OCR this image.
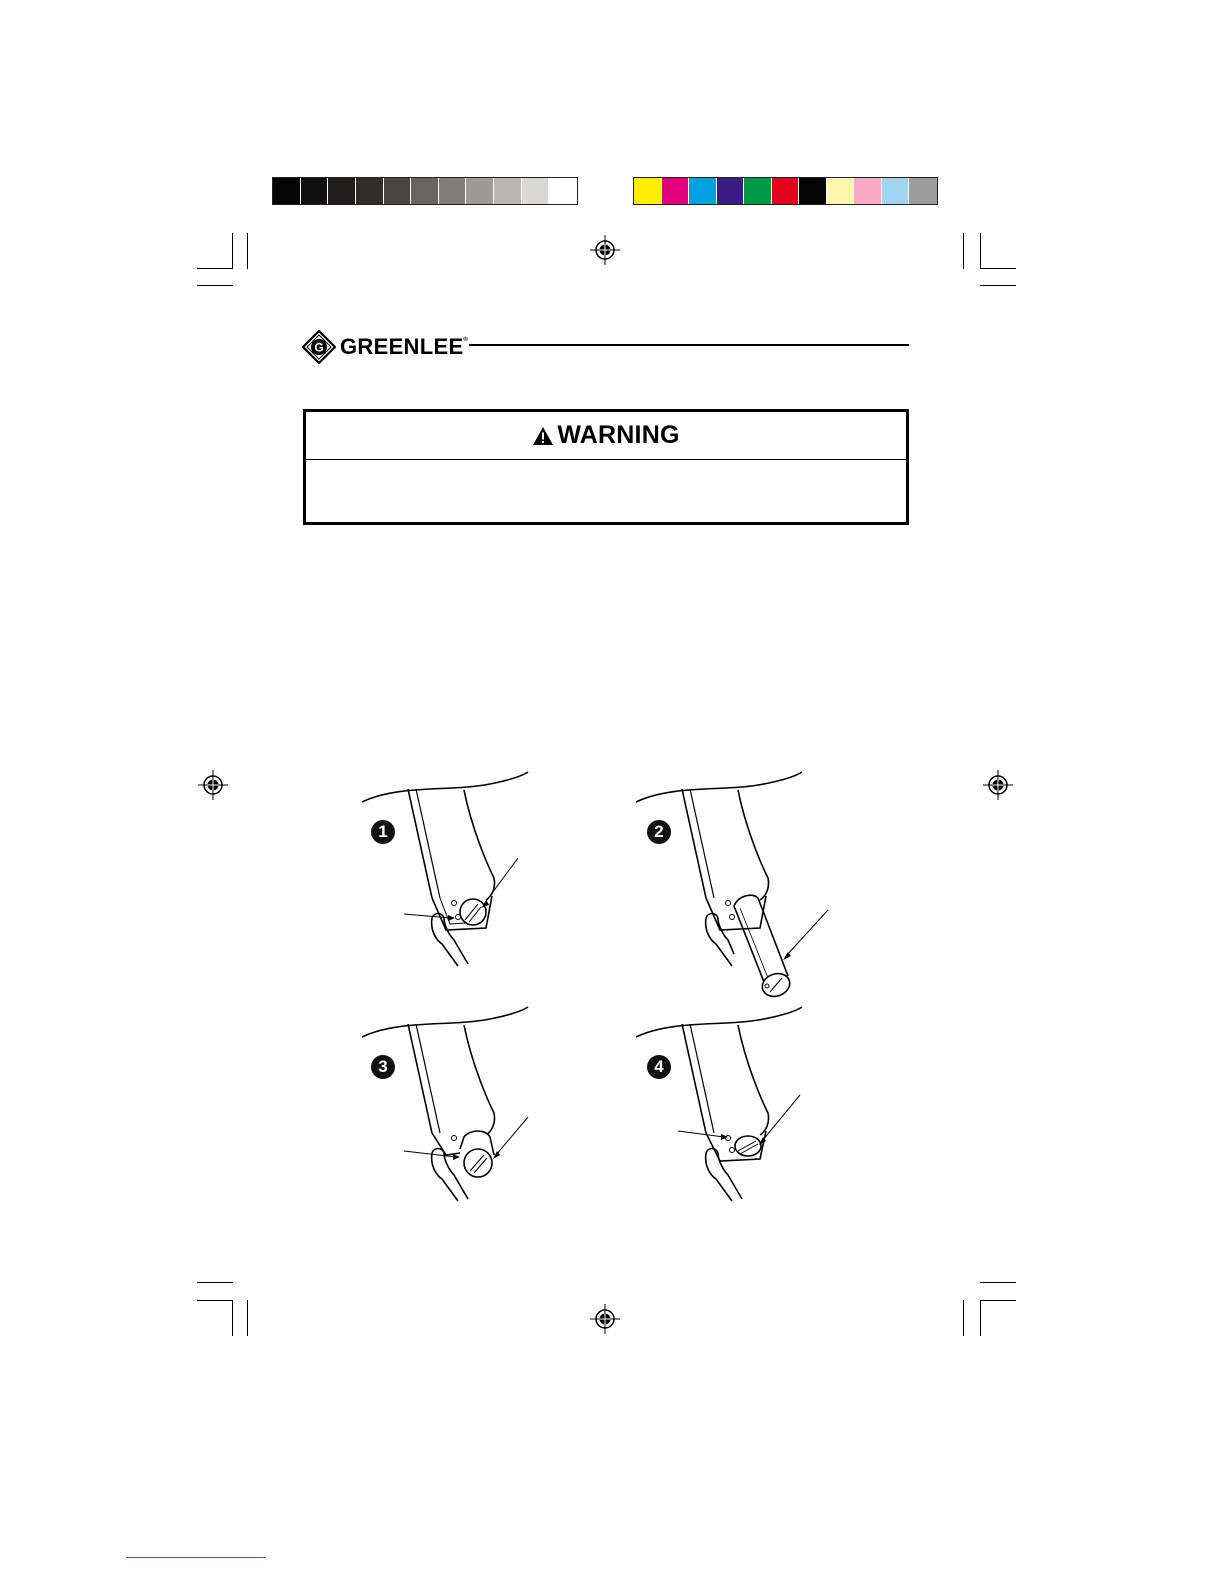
G GREENLEE®
WARNING
1	2
3	4
